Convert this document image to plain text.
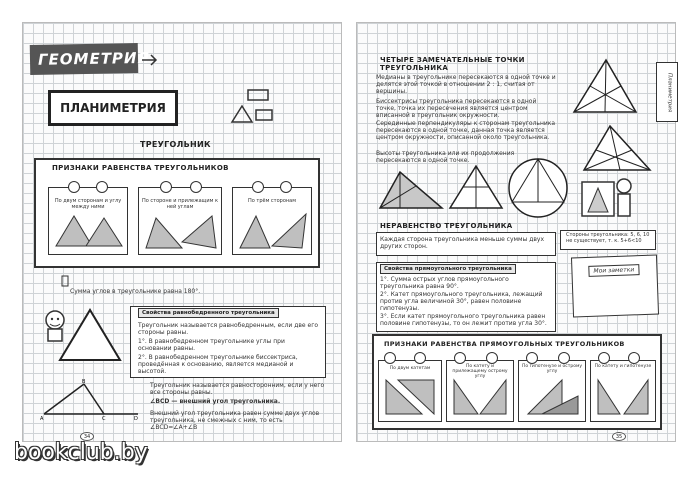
ГЕОМЕТРИЯ
ПЛАНИМЕТРИЯ
ТРЕУГОЛЬНИК
ПРИЗНАКИ РАВЕНСТВА ТРЕУГОЛЬНИКОВ
По двум сторонам и углу между ними
По стороне и прилежащим к ней углам
По трём сторонам
Сумма углов в треугольнике равна 180°.
Свойства равнобедренного треугольника
Треугольник называется равнобедренным, если две его стороны равны.
1°. В равнобедренном треугольнике углы при основании равны.
2°. В равнобедренном треугольнике биссектриса, проведённая к основанию, является медианой и высотой.
A
B
C	D
Треугольник называется равносторонним, если у него все стороны равны.
∠BCD — внешний угол треугольника.
Внешний угол треугольника равен сумме двух углов треугольника, не смежных с ним, то есть ∠BCD=∠A+∠B
34
ЧЕТЫРЕ ЗАМЕЧАТЕЛЬНЫЕ ТОЧКИ ТРЕУГОЛЬНИКА
Медианы в треугольнике пересекаются в одной точке и делятся этой точкой в отношении 2 : 1, считая от вершины.
Биссектрисы треугольника пересекаются в одной точке, точка их пересечения является центром вписанной в треугольник окружности.
Серединные перпендикуляры к сторонам треугольника пересекаются в одной точке, данная точка является центром окружности, описанной около треугольника.
Высоты треугольника или их продолжения пересекаются в одной точке.
Планиметрия
НЕРАВЕНСТВО ТРЕУГОЛЬНИКА
Каждая сторона треугольника меньше суммы двух других сторон.
Стороны треугольника: 5, 6, 10 не существует, т. к. 5+6<10
Свойства прямоугольного треугольника
1°. Сумма острых углов прямоугольного треугольника равна 90°.
2°. Катет прямоугольного треугольника, лежащий против угла величиной 30°, равен половине гипотенузы.
3°. Если катет прямоугольного треугольника равен половине гипотенузы, то он лежит против угла 30°.
Мои заметки
ПРИЗНАКИ РАВЕНСТВА ПРЯМОУГОЛЬНЫХ ТРЕУГОЛЬНИКОВ
По двум катетам	По катету и прилежащему острому углу
По гипотенузе и острому углу
По катету и гипотенузе
35
bookclub.by
